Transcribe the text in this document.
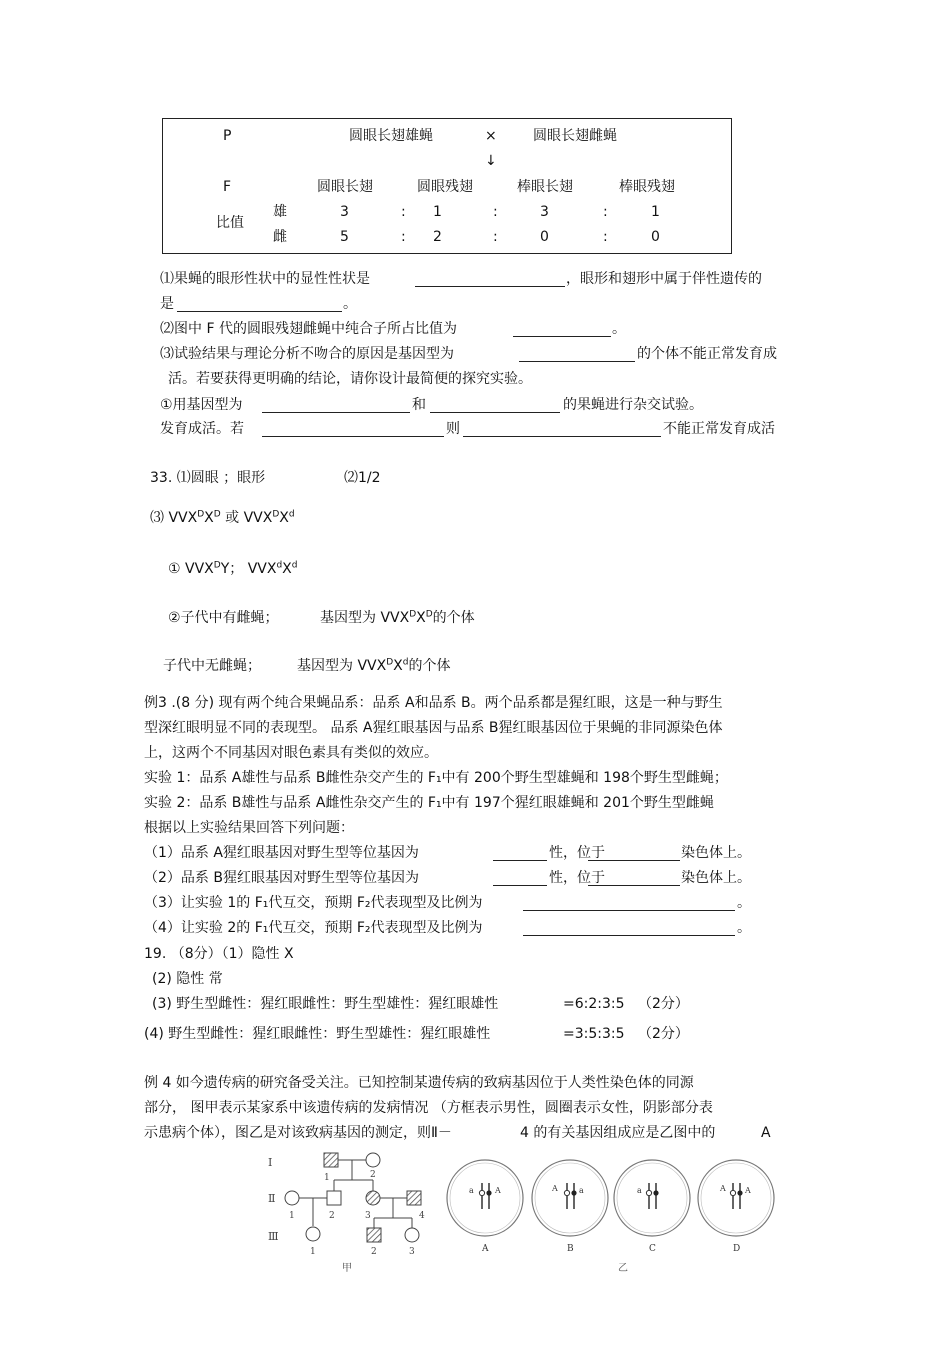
P	圆眼长翅雄蝇	×	圆眼长翅雌蝇
↓
F	圆眼长翅	圆眼残翅	棒眼长翅	棒眼残翅
比值
雄	3	: 1	:	3	:	1
雌	5	: 2	:	0	:	0
⑴果蝇的眼形性状中的显性性状是	，眼形和翅形中属于伴性遗传的
是	。
⑵图中 F 代的圆眼残翅雌蝇中纯合子所占比值为	。
⑶试验结果与理论分析不吻合的原因是基因型为	的个体不能正常发育成
活。若要获得更明确的结论，请你设计最简便的探究实验。
①用基因型为	和	的果蝇进行杂交试验。
发育成活。若	则	不能正常发育成活
33. ⑴圆眼 ；眼形	⑵1/2
⑶ $VVX^DX^D$ 或 $VVX^DX^d$
① $VVX^DY$； $VVX^dX^d$
②子代中有雌蝇；	基因型为 $VVX^DX^D$的个体
子代中无雌蝇；	基因型为 $VVX^DX^d$的个体
例3 .(8 分) 现有两个纯合果蝇品系：品系 A和品系 B。两个品系都是猩红眼，这是一种与野生
型深红眼明显不同的表现型。 品系 A猩红眼基因与品系 B猩红眼基因位于果蝇的非同源染色体
上，这两个不同基因对眼色素具有类似的效应。
实验 1：品系 A雄性与品系 B雌性杂交产生的 F₁中有 200个野生型雄蝇和 198个野生型雌蝇；
实验 2：品系 B雄性与品系 A雌性杂交产生的 F₁中有 197个猩红眼雄蝇和 201个野生型雌蝇
根据以上实验结果回答下列问题：
（1）品系 A猩红眼基因对野生型等位基因为	性，位于	染色体上。
（2）品系 B猩红眼基因对野生型等位基因为	性，位于	染色体上。
（3）让实验 1的 F₁代互交，预期 F₂代表现型及比例为	。
（4）让实验 2的 F₁代互交，预期 F₂代表现型及比例为	。
19. （8分）（1）隐性 X
(2) 隐性 常
(3) 野生型雌性：猩红眼雌性：野生型雄性：猩红眼雄性	=6:2:3:5 （2分）
(4) 野生型雌性：猩红眼雌性：野生型雄性：猩红眼雄性	=3:5:3:5 （2分）
例 4 如今遗传病的研究备受关注。已知控制某遗传病的致病基因位于人类性染色体的同源
部分， 图甲表示某家系中该遗传病的发病情况 （方框表示男性，圆圈表示女性，阴影部分表
示患病个体），图乙是对该致病基因的测定，则Ⅱ－	4 的有关基因组成应是乙图中的	A
Ⅰ
Ⅱ
Ⅲ
1	2
1	2	3	4
1	2	3
甲
a	A
A
A	a
B
a
C
A A
D
乙
